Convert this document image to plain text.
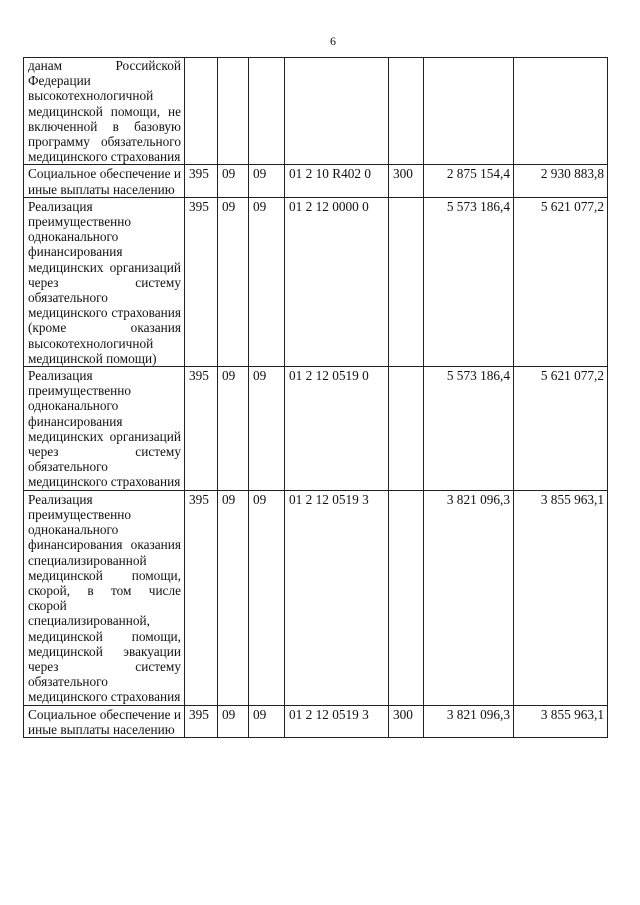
6
данам Российской Федерации высокотехнологичной медицинской помощи, не включенной в базовую программу обязательного медицинского страхования							
Социальное обеспечение и иные выплаты населению	395	09	09	01 2 10 R402 0	300	2 875 154,4	2 930 883,8
Реализация преимущественно одноканального финансирования медицинских организаций через систему обязательного медицинского страхования (кроме оказания высокотехнологичной медицинской помощи)	395	09	09	01 2 12 0000 0		5 573 186,4	5 621 077,2
Реализация преимущественно одноканального финансирования медицинских организаций через систему обязательного медицинского страхования	395	09	09	01 2 12 0519 0		5 573 186,4	5 621 077,2
Реализация преимущественно одноканального финансирования оказания специализированной медицинской помощи, скорой, в том числе скорой специализированной, медицинской помощи, медицинской эвакуации через систему обязательного медицинского страхования	395	09	09	01 2 12 0519 3		3 821 096,3	3 855 963,1
Социальное обеспечение и иные выплаты населению	395	09	09	01 2 12 0519 3	300	3 821 096,3	3 855 963,1
